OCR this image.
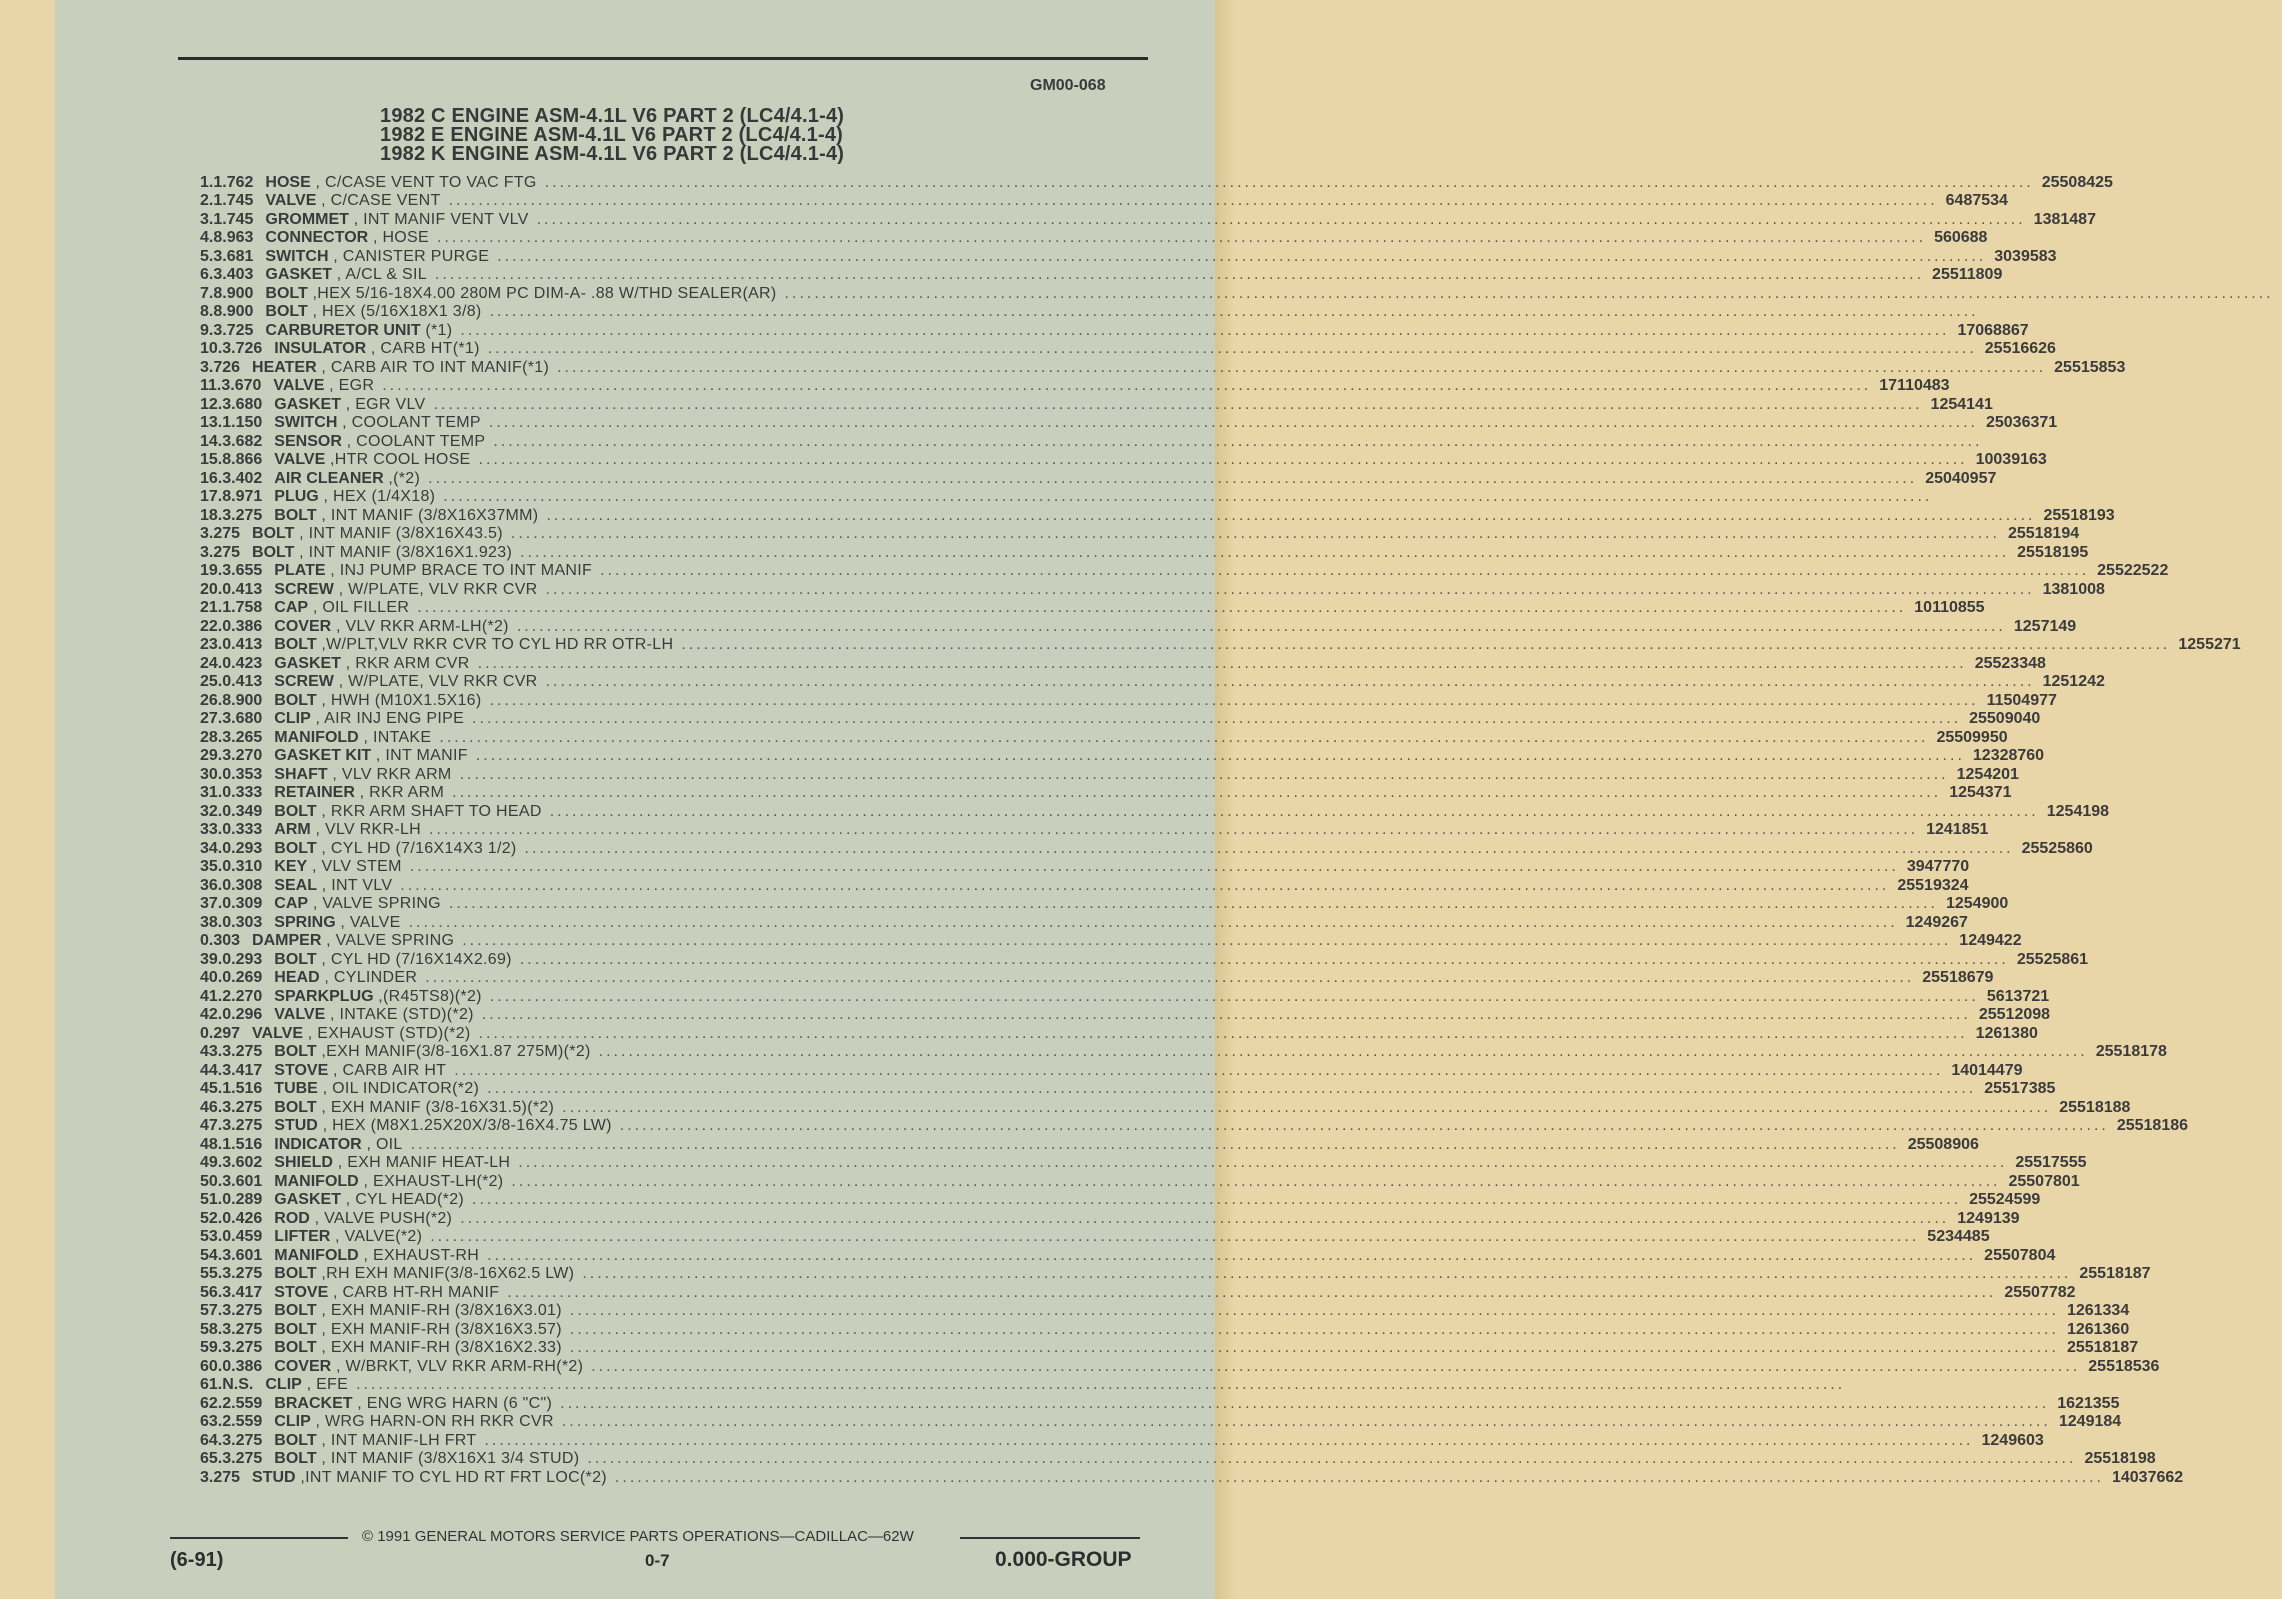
GM00-068
1982 C ENGINE ASM-4.1L V6 PART 2 (LC4/4.1-4)
1982 E ENGINE ASM-4.1L V6 PART 2 (LC4/4.1-4)
1982 K ENGINE ASM-4.1L V6 PART 2 (LC4/4.1-4)
1. 1.762 HOSE , C/CASE VENT TO VAC FTG ........................................................................................................................................................................................................ 25508425
2. 1.745 VALVE , C/CASE VENT ........................................................................................................................................................................................................ 6487534
3. 1.745 GROMMET , INT MANIF VENT VLV ........................................................................................................................................................................................................ 1381487
4. 8.963 CONNECTOR , HOSE ........................................................................................................................................................................................................ 560688
5. 3.681 SWITCH , CANISTER PURGE ........................................................................................................................................................................................................ 3039583
6. 3.403 GASKET , A/CL & SIL ........................................................................................................................................................................................................ 25511809
7. 8.900 BOLT ,HEX 5/16-18X4.00 280M PC DIM-A- .88 W/THD SEALER(AR) ........................................................................................................................................................................................................
8. 8.900 BOLT , HEX (5/16X18X1 3/8) ........................................................................................................................................................................................................
9. 3.725 CARBURETOR UNIT (*1) ........................................................................................................................................................................................................ 17068867
10. 3.726 INSULATOR , CARB HT(*1) ........................................................................................................................................................................................................ 25516626
3.726 HEATER , CARB AIR TO INT MANIF(*1) ........................................................................................................................................................................................................ 25515853
11. 3.670 VALVE , EGR ........................................................................................................................................................................................................ 17110483
12. 3.680 GASKET , EGR VLV ........................................................................................................................................................................................................ 1254141
13. 1.150 SWITCH , COOLANT TEMP ........................................................................................................................................................................................................ 25036371
14. 3.682 SENSOR , COOLANT TEMP ........................................................................................................................................................................................................
15. 8.866 VALVE ,HTR COOL HOSE ........................................................................................................................................................................................................ 10039163
16. 3.402 AIR CLEANER ,(*2) ........................................................................................................................................................................................................ 25040957
17. 8.971 PLUG , HEX (1/4X18) ........................................................................................................................................................................................................
18. 3.275 BOLT , INT MANIF (3/8X16X37MM) ........................................................................................................................................................................................................ 25518193
3.275 BOLT , INT MANIF (3/8X16X43.5) ........................................................................................................................................................................................................ 25518194
3.275 BOLT , INT MANIF (3/8X16X1.923) ........................................................................................................................................................................................................ 25518195
19. 3.655 PLATE , INJ PUMP BRACE TO INT MANIF ........................................................................................................................................................................................................ 25522522
20. 0.413 SCREW , W/PLATE, VLV RKR CVR ........................................................................................................................................................................................................ 1381008
21. 1.758 CAP , OIL FILLER ........................................................................................................................................................................................................ 10110855
22. 0.386 COVER , VLV RKR ARM-LH(*2) ........................................................................................................................................................................................................ 1257149
23. 0.413 BOLT ,W/PLT,VLV RKR CVR TO CYL HD RR OTR-LH ........................................................................................................................................................................................................ 1255271
24. 0.423 GASKET , RKR ARM CVR ........................................................................................................................................................................................................ 25523348
25. 0.413 SCREW , W/PLATE, VLV RKR CVR ........................................................................................................................................................................................................ 1251242
26. 8.900 BOLT , HWH (M10X1.5X16) ........................................................................................................................................................................................................ 11504977
27. 3.680 CLIP , AIR INJ ENG PIPE ........................................................................................................................................................................................................ 25509040
28. 3.265 MANIFOLD , INTAKE ........................................................................................................................................................................................................ 25509950
29. 3.270 GASKET KIT , INT MANIF ........................................................................................................................................................................................................ 12328760
30. 0.353 SHAFT , VLV RKR ARM ........................................................................................................................................................................................................ 1254201
31. 0.333 RETAINER , RKR ARM ........................................................................................................................................................................................................ 1254371
32. 0.349 BOLT , RKR ARM SHAFT TO HEAD ........................................................................................................................................................................................................ 1254198
33. 0.333 ARM , VLV RKR-LH ........................................................................................................................................................................................................ 1241851
34. 0.293 BOLT , CYL HD (7/16X14X3 1/2) ........................................................................................................................................................................................................ 25525860
35. 0.310 KEY , VLV STEM ........................................................................................................................................................................................................ 3947770
36. 0.308 SEAL , INT VLV ........................................................................................................................................................................................................ 25519324
37. 0.309 CAP , VALVE SPRING ........................................................................................................................................................................................................ 1254900
38. 0.303 SPRING , VALVE ........................................................................................................................................................................................................ 1249267
0.303 DAMPER , VALVE SPRING ........................................................................................................................................................................................................ 1249422
39. 0.293 BOLT , CYL HD (7/16X14X2.69) ........................................................................................................................................................................................................ 25525861
40. 0.269 HEAD , CYLINDER ........................................................................................................................................................................................................ 25518679
41. 2.270 SPARKPLUG ,(R45TS8)(*2) ........................................................................................................................................................................................................ 5613721
42. 0.296 VALVE , INTAKE (STD)(*2) ........................................................................................................................................................................................................ 25512098
0.297 VALVE , EXHAUST (STD)(*2) ........................................................................................................................................................................................................ 1261380
43. 3.275 BOLT ,EXH MANIF(3/8-16X1.87 275M)(*2) ........................................................................................................................................................................................................ 25518178
44. 3.417 STOVE , CARB AIR HT ........................................................................................................................................................................................................ 14014479
45. 1.516 TUBE , OIL INDICATOR(*2) ........................................................................................................................................................................................................ 25517385
46. 3.275 BOLT , EXH MANIF (3/8-16X31.5)(*2) ........................................................................................................................................................................................................ 25518188
47. 3.275 STUD , HEX (M8X1.25X20X/3/8-16X4.75 LW) ........................................................................................................................................................................................................ 25518186
48. 1.516 INDICATOR , OIL ........................................................................................................................................................................................................ 25508906
49. 3.602 SHIELD , EXH MANIF HEAT-LH ........................................................................................................................................................................................................ 25517555
50. 3.601 MANIFOLD , EXHAUST-LH(*2) ........................................................................................................................................................................................................ 25507801
51. 0.289 GASKET , CYL HEAD(*2) ........................................................................................................................................................................................................ 25524599
52. 0.426 ROD , VALVE PUSH(*2) ........................................................................................................................................................................................................ 1249139
53. 0.459 LIFTER , VALVE(*2) ........................................................................................................................................................................................................ 5234485
54. 3.601 MANIFOLD , EXHAUST-RH ........................................................................................................................................................................................................ 25507804
55. 3.275 BOLT ,RH EXH MANIF(3/8-16X62.5 LW) ........................................................................................................................................................................................................ 25518187
56. 3.417 STOVE , CARB HT-RH MANIF ........................................................................................................................................................................................................ 25507782
57. 3.275 BOLT , EXH MANIF-RH (3/8X16X3.01) ........................................................................................................................................................................................................ 1261334
58. 3.275 BOLT , EXH MANIF-RH (3/8X16X3.57) ........................................................................................................................................................................................................ 1261360
59. 3.275 BOLT , EXH MANIF-RH (3/8X16X2.33) ........................................................................................................................................................................................................ 25518187
60. 0.386 COVER , W/BRKT, VLV RKR ARM-RH(*2) ........................................................................................................................................................................................................ 25518536
61. N.S. CLIP , EFE ........................................................................................................................................................................................................
62. 2.559 BRACKET , ENG WRG HARN (6 "C") ........................................................................................................................................................................................................ 1621355
63. 2.559 CLIP , WRG HARN-ON RH RKR CVR ........................................................................................................................................................................................................ 1249184
64. 3.275 BOLT , INT MANIF-LH FRT ........................................................................................................................................................................................................ 1249603
65. 3.275 BOLT , INT MANIF (3/8X16X1 3/4 STUD) ........................................................................................................................................................................................................ 25518198
3.275 STUD ,INT MANIF TO CYL HD RT FRT LOC(*2) ........................................................................................................................................................................................................ 14037662
© 1991 GENERAL MOTORS SERVICE PARTS OPERATIONS—CADILLAC—62W
(6-91)	0-7	0.000-GROUP
